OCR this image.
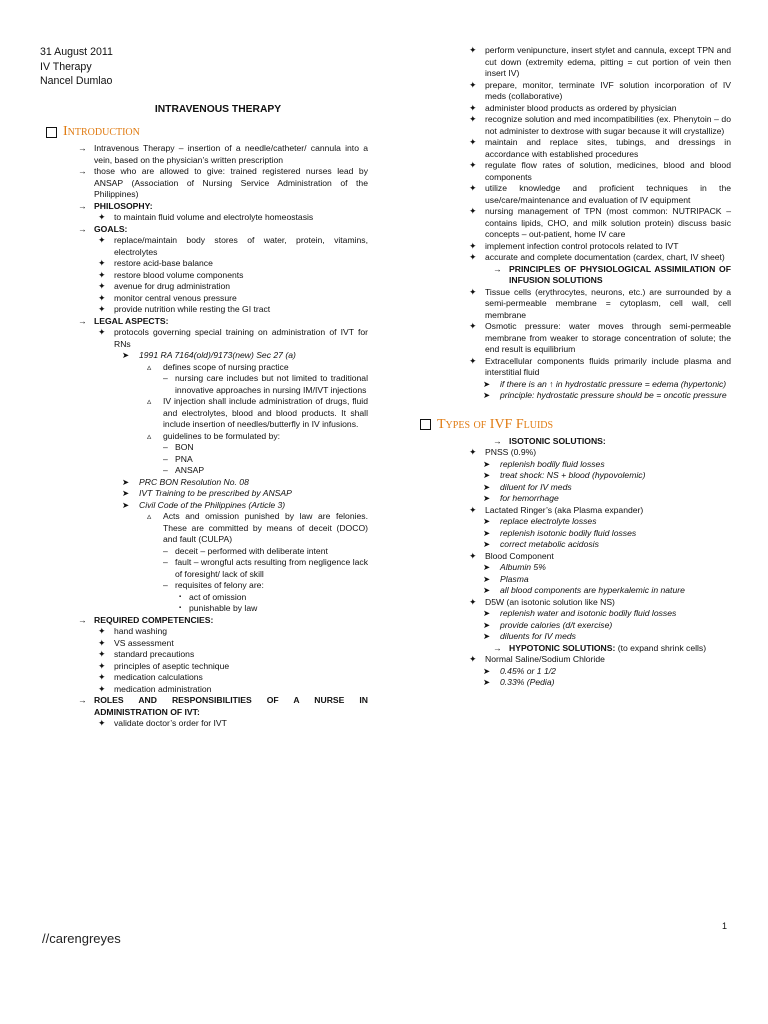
31 August 2011
IV Therapy
Nancel Dumlao
INTRAVENOUS THERAPY
Introduction
→ Intravenous Therapy – insertion of a needle/catheter/ cannula into a vein, based on the physician’s written prescription
→ those who are allowed to give: trained registered nurses lead by ANSAP (Association of Nursing Service Administration of the Philippines)
→ PHILOSOPHY:
✦ to maintain fluid volume and electrolyte homeostasis
→ GOALS:
✦ replace/maintain body stores of water, protein, vitamins, electrolytes
✦ restore acid-base balance
✦ restore blood volume components
✦ avenue for drug administration
✦ monitor central venous pressure
✦ provide nutrition while resting the GI tract
→ LEGAL ASPECTS:
✦ protocols governing special training on administration of IVT for RNs
➤	1991 RA 7164(old)/9173(new) Sec 27 (a)
▵	defines scope of nursing practice
– nursing care includes but not limited to traditional innovative approaches in nursing IM/IVT injections
▵	IV injection shall include administration of drugs, fluid and electrolytes, blood and blood products. It shall include insertion of needles/butterfly in IV infusions.
▵	guidelines to be formulated by:
– BON
– PNA
– ANSAP
➤	PRC BON Resolution No. 08
➤	IVT Training to be prescribed by ANSAP
➤	Civil Code of the Philippines (Article 3)
▵	Acts and omission punished by law are felonies. These are committed by means of deceit (DOCO) and fault (CULPA)
– deceit – performed with deliberate intent
– fault – wrongful acts resulting from negligence lack of foresight/ lack of skill
– requisites of felony are:
▪ act of omission
▪ punishable by law
→ REQUIRED COMPETENCIES:
✦ hand washing
✦ VS assessment
✦ standard precautions
✦ principles of aseptic technique
✦ medication calculations
✦ medication administration
→ ROLES AND RESPONSIBILITIES OF A NURSE IN ADMINISTRATION OF IVT:
✦ validate doctor’s order for IVT
✦ perform venipuncture, insert stylet and cannula, except TPN and cut down (extremity edema, pitting = cut portion of vein then insert IV)
✦ prepare, monitor, terminate IVF solution incorporation of IV meds (collaborative)
✦ administer blood products as ordered by physician
✦ recognize solution and med incompatibilities (ex. Phenytoin – do not administer to dextrose with sugar because it will crystallize)
✦ maintain and replace sites, tubings, and dressings in accordance with established procedures
✦ regulate flow rates of solution, medicines, blood and blood components
✦ utilize knowledge and proficient techniques in the use/care/maintenance and evaluation of IV equipment
✦ nursing management of TPN (most common: NUTRIPACK – contains lipids, CHO, and milk solution protein) discuss basic concepts – out-patient, home IV care
✦ implement infection control protocols related to IVT
✦ accurate and complete documentation (cardex, chart, IV sheet)
→ PRINCIPLES OF PHYSIOLOGICAL ASSIMILATION OF INFUSION SOLUTIONS
✦ Tissue cells (erythrocytes, neurons, etc.) are surrounded by a semi-permeable membrane = cytoplasm, cell wall, cell membrane
✦ Osmotic pressure: water moves through semi-permeable membrane from weaker to storage concentration of solute; the end result is equilibrium
✦ Extracellular components fluids primarily include plasma and interstitial fluid
➤	if there is an ↑ in hydrostatic pressure = edema (hypertonic)
➤	principle: hydrostatic pressure should be = oncotic pressure
Types of IVF Fluids
→ ISOTONIC SOLUTIONS:
✦ PNSS (0.9%)
➤	replenish bodily fluid losses
➤	treat shock: NS + blood (hypovolemic)
➤	diluent for IV meds
➤	for hemorrhage
✦ Lactated Ringer’s (aka Plasma expander)
➤	replace electrolyte losses
➤	replenish isotonic bodily fluid losses
➤	correct metabolic acidosis
✦ Blood Component
➤	Albumin 5%
➤	Plasma
➤	all blood components are hyperkalemic in nature
✦ D5W (an isotonic solution like NS)
➤	replenish water and isotonic bodily fluid losses
➤	provide calories (d/t exercise)
➤	diluents for IV meds
→ HYPOTONIC SOLUTIONS: (to expand shrink cells)
✦ Normal Saline/Sodium Chloride
➤	0.45% or 1 1/2
➤	0.33% (Pedia)
1
//carengreyes
